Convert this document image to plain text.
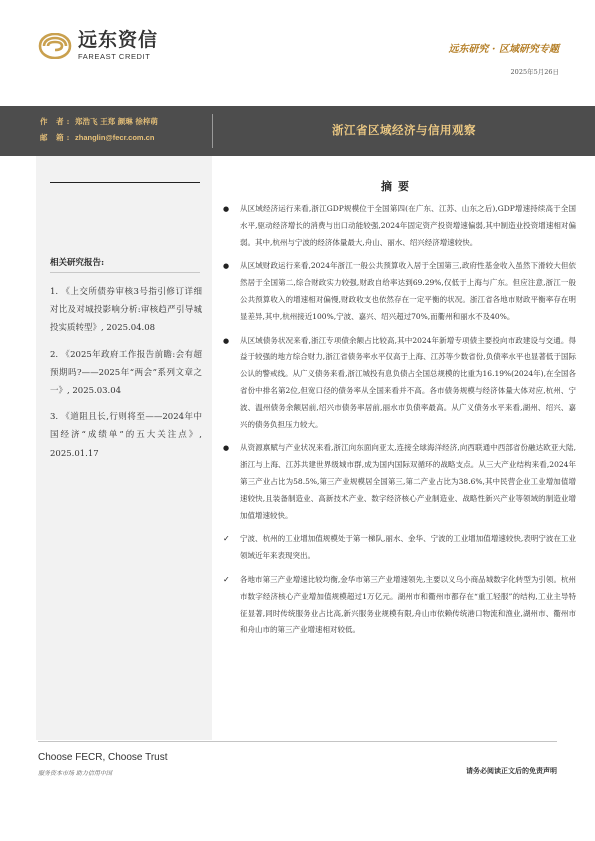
远东资信
FAREAST CREDIT
远东研究 · 区域研究专题
2025年5月26日
作 者: 郑浩飞 王郑 颜琳 徐梓萌
邮 箱: zhanglin@fecr.com.cn
浙江省区域经济与信用观察
相关研究报告:
1. 《上交所债券审核3号指引修订详细对比及对城投影响分析:审核趋严引导城投实质转型》, 2025.04.08
2. 《2025年政府工作报告前瞻:会有超预期吗?——2025年“两会”系列文章之一》, 2025.03.04
3. 《道阻且长,行则将至——2024年中国经济“成绩单”的五大关注点》, 2025.01.17
摘要
● 从区域经济运行来看,浙江GDP规模位于全国第四(在广东、江苏、山东之后),GDP增速持续高于全国水平,驱动经济增长的消费与出口动能较强,2024年固定资产投资增速偏弱,其中制造业投资增速相对偏弱。其中,杭州与宁波的经济体量最大,舟山、丽水、绍兴经济增速较快。
● 从区域财政运行来看,2024年浙江一般公共预算收入居于全国第三,政府性基金收入虽然下滑较大但依然居于全国第二,综合财政实力较强,财政自给率达到69.29%,仅低于上海与广东。但应注意,浙江一般公共预算收入的增速相对偏慢,财政收支也依然存在一定平衡的状况。浙江省各地市财政平衡率存在明显差异,其中,杭州接近100%,宁波、嘉兴、绍兴超过70%,而衢州和丽水不及40%。
● 从区域债务状况来看,浙江专项债余额占比较高,其中2024年新增专项债主要投向市政建设与交通。得益于较强的地方综合财力,浙江省债务率水平仅高于上海、江苏等少数省份,负债率水平也显著低于国际公认的警戒线。从广义债务来看,浙江城投有息负债占全国总规模的比重为16.19%(2024年),在全国各省份中排名第2位,但宽口径的债务率从全国来看并不高。各市债务规模与经济体量大体对应,杭州、宁波、温州债务余额居前,绍兴市债务率居前,丽水市负债率最高。从广义债务水平来看,湖州、绍兴、嘉兴的债务负担压力较大。
● 从资源禀赋与产业状况来看,浙江向东面向亚太,连接全球海洋经济,向西联通中西部省份融达欧亚大陆,浙江与上海、江苏共建世界级城市群,成为国内国际双循环的战略支点。从三大产业结构来看,2024年第三产业占比为58.5%,第三产业规模居全国第三,第二产业占比为38.6%,其中民营企业工业增加值增速较快,且装备制造业、高新技术产业、数字经济核心产业制造业、战略性新兴产业等领域的制造业增加值增速较快。
✓ 宁波、杭州的工业增加值规模处于第一梯队,丽水、金华、宁波的工业增加值增速较快,表明宁波在工业领域近年来表现突出。
✓ 各地市第三产业增速比较均衡,金华市第三产业增速领先,主要以义乌小商品城数字化转型为引领。杭州市数字经济核心产业增加值规模超过1万亿元。湖州市和衢州市都存在“重工轻服”的结构,工业主导特征显著,同时传统服务业占比高,新兴服务业规模有限,舟山市依赖传统港口物流和渔业,湖州市、衢州市和舟山市的第三产业增速相对较低。
Choose FECR, Choose Trust
服务资本市场 助力信用中国	请务必阅读正文后的免责声明
